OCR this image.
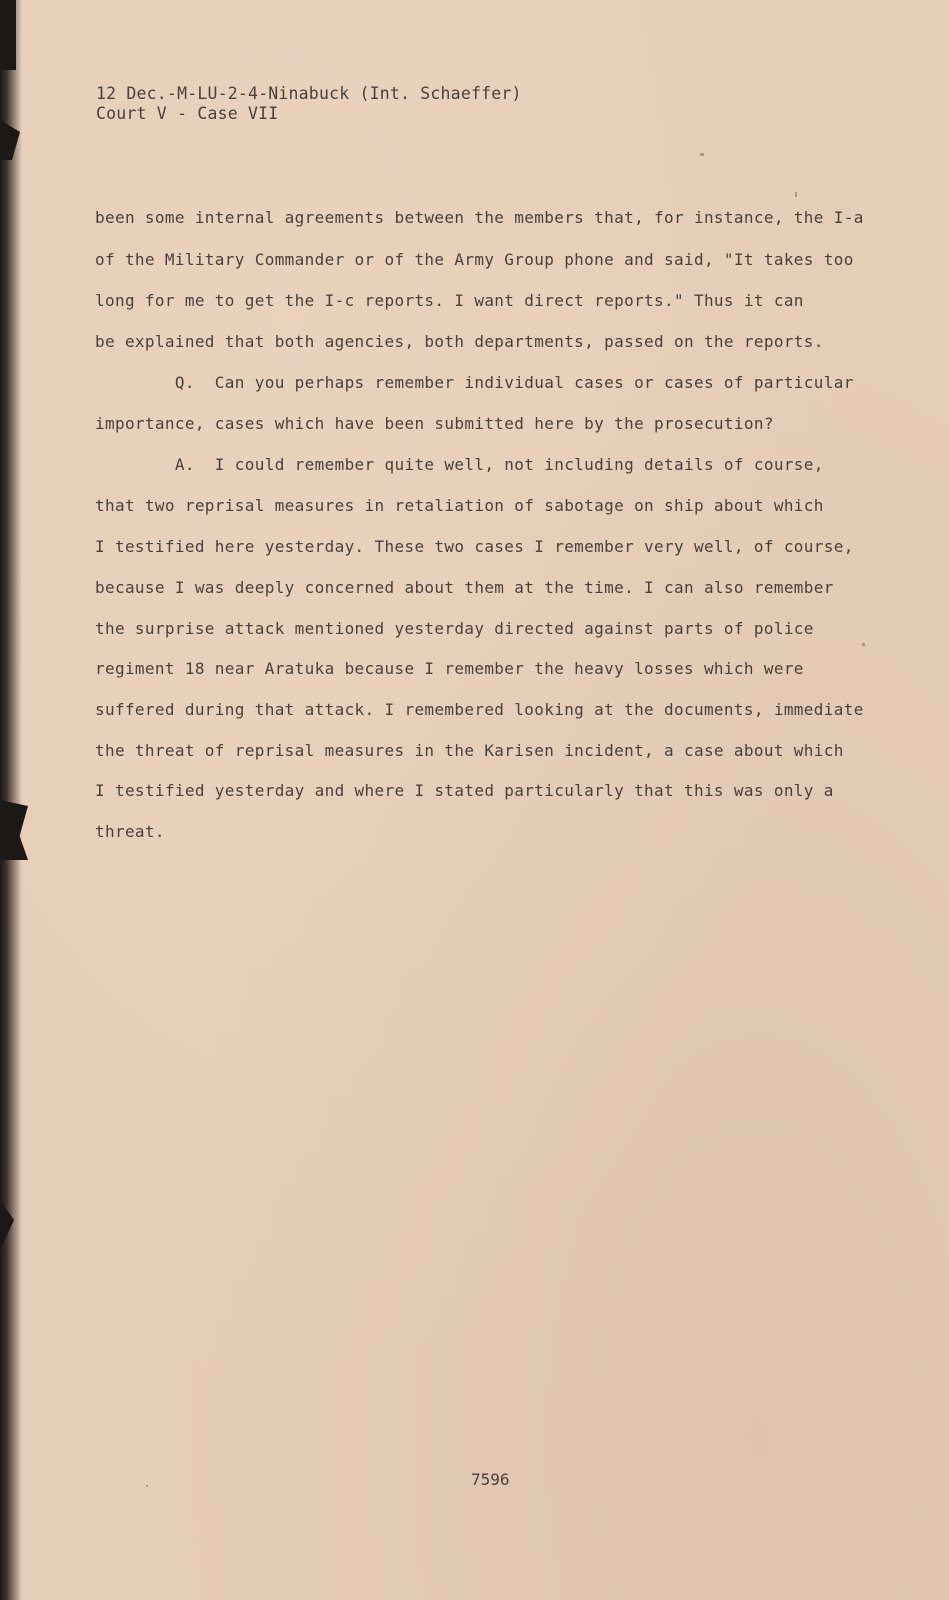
12 Dec.-M-LU-2-4-Ninabuck (Int. Schaeffer)
Court V - Case VII
been some internal agreements between the members that, for instance, the I-a
of the Military Commander or of the Army Group phone and said, "It takes too
long for me to get the I-c reports. I want direct reports." Thus it can
be explained that both agencies, both departments, passed on the reports.
Q.  Can you perhaps remember individual cases or cases of particular
importance, cases which have been submitted here by the prosecution?
A.  I could remember quite well, not including details of course,
that two reprisal measures in retaliation of sabotage on ship about which
I testified here yesterday. These two cases I remember very well, of course,
because I was deeply concerned about them at the time. I can also remember
the surprise attack mentioned yesterday directed against parts of police
regiment 18 near Aratuka because I remember the heavy losses which were
suffered during that attack. I remembered looking at the documents, immediate
the threat of reprisal measures in the Karisen incident, a case about which
I testified yesterday and where I stated particularly that this was only a
threat.
7596
